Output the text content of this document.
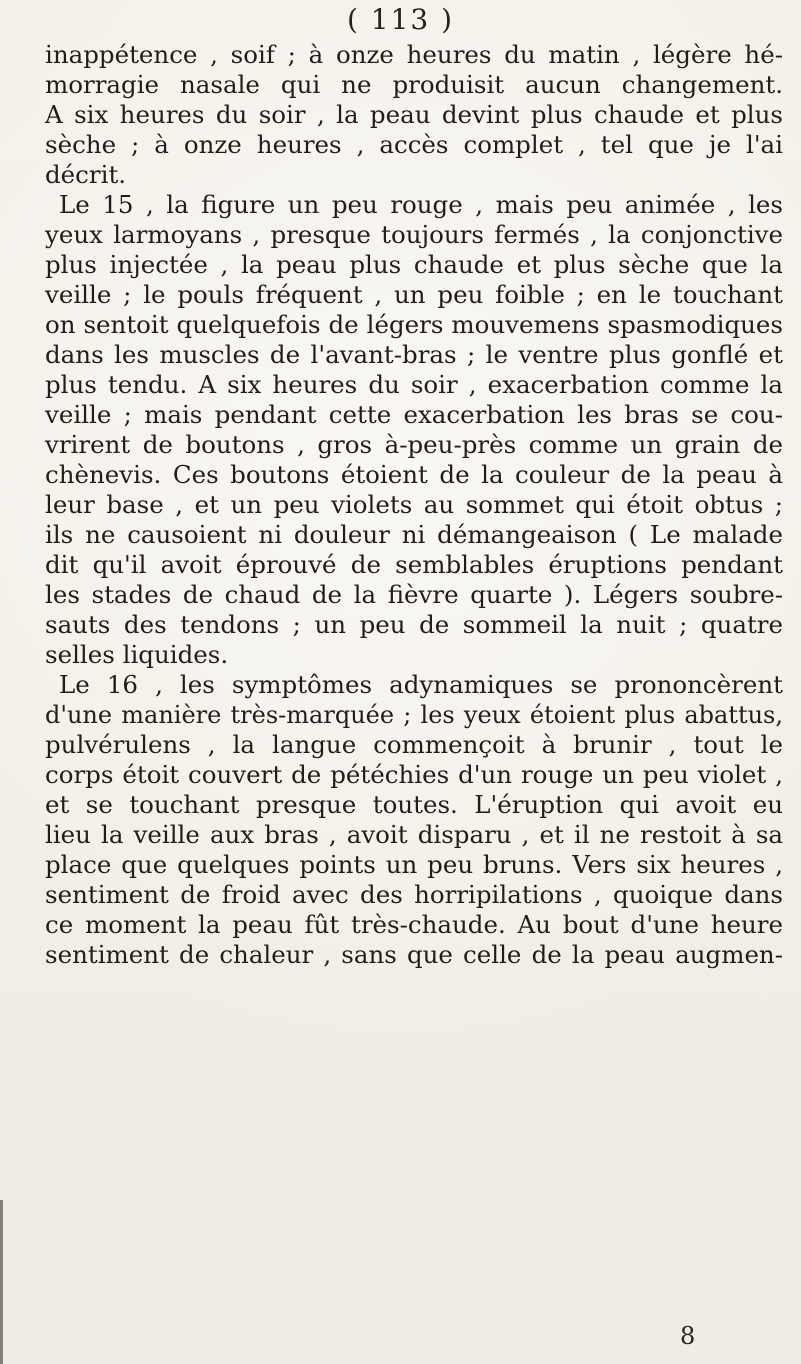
( 113 )
inappétence , soif ; à onze heures du matin , légère hé-
morragie nasale qui ne produisit aucun changement.
A six heures du soir , la peau devint plus chaude et plus
sèche ; à onze heures , accès complet , tel que je l'ai
décrit.
Le 15 , la figure un peu rouge , mais peu animée , les
yeux larmoyans , presque toujours fermés , la conjonctive
plus injectée , la peau plus chaude et plus sèche que la
veille ; le pouls fréquent , un peu foible ; en le touchant
on sentoit quelquefois de légers mouvemens spasmodiques
dans les muscles de l'avant-bras ; le ventre plus gonflé et
plus tendu. A six heures du soir , exacerbation comme la
veille ; mais pendant cette exacerbation les bras se cou-
vrirent de boutons , gros à-peu-près comme un grain de
chènevis. Ces boutons étoient de la couleur de la peau à
leur base , et un peu violets au sommet qui étoit obtus ;
ils ne causoient ni douleur ni démangeaison ( Le malade
dit qu'il avoit éprouvé de semblables éruptions pendant
les stades de chaud de la fièvre quarte ). Légers soubre-
sauts des tendons ; un peu de sommeil la nuit ; quatre
selles liquides.
Le 16 , les symptômes adynamiques se prononcèrent
d'une manière très-marquée ; les yeux étoient plus abattus,
pulvérulens , la langue commençoit à brunir , tout le
corps étoit couvert de pétéchies d'un rouge un peu violet ,
et se touchant presque toutes. L'éruption qui avoit eu
lieu la veille aux bras , avoit disparu , et il ne restoit à sa
place que quelques points un peu bruns. Vers six heures ,
sentiment de froid avec des horripilations , quoique dans
ce moment la peau fût très-chaude. Au bout d'une heure
sentiment de chaleur , sans que celle de la peau augmen-
8
